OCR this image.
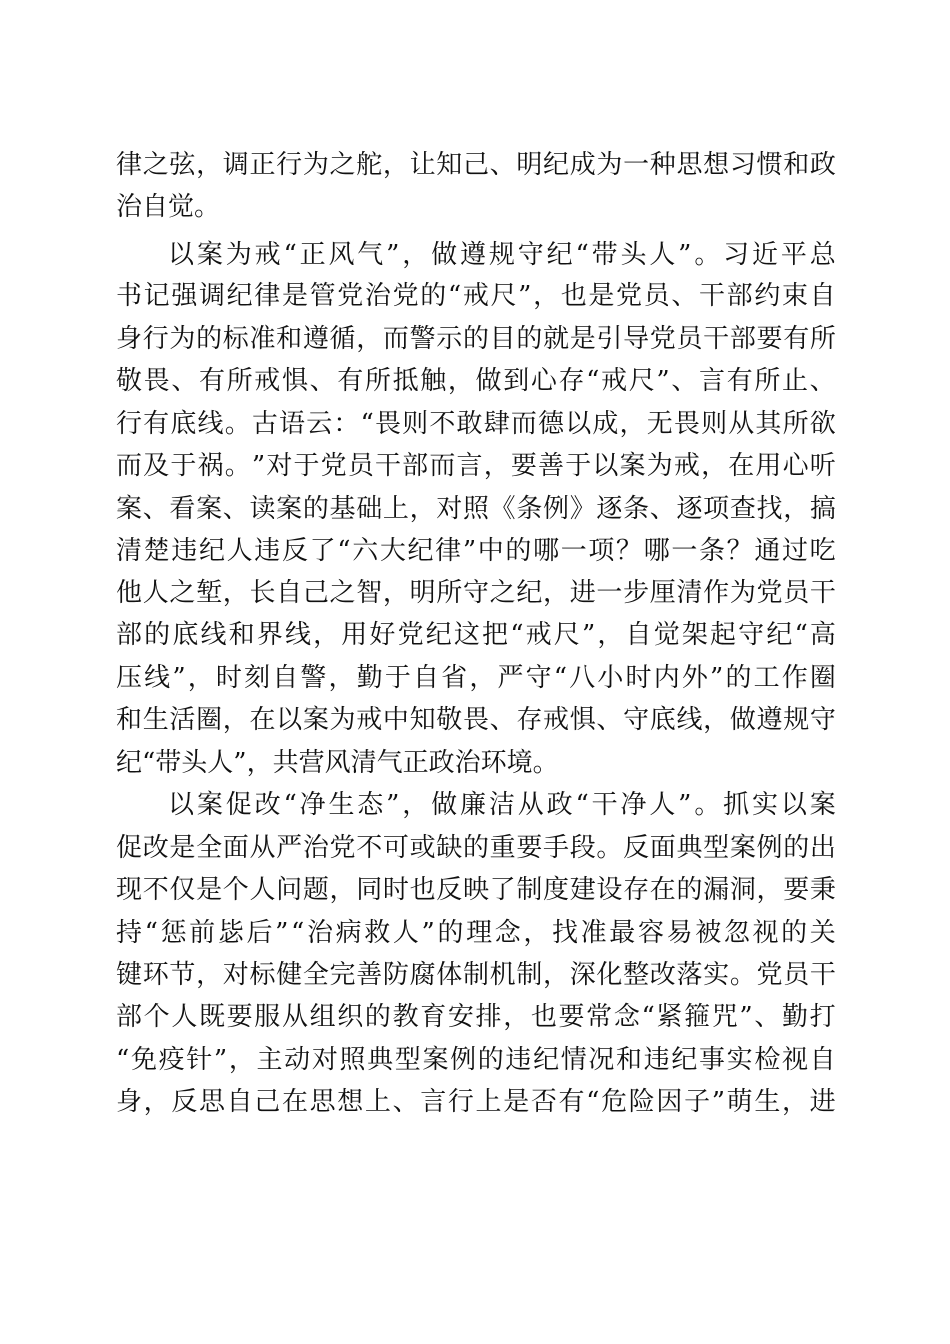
律 之 弦 ， 调 正 行 为 之 舵 ， 让 知 己 、 明 纪 成 为 一 种 思 想 习 惯 和 政
治自觉。
以 案 为 戒 “ 正 风 气 ” ， 做 遵 规 守 纪 “ 带 头 人 ” 。 习 近 平 总
书 记 强 调 纪 律 是 管 党 治 党 的 “ 戒 尺 ” ， 也 是 党 员 、 干 部 约 束 自
身 行 为 的 标 准 和 遵 循 ， 而 警 示 的 目 的 就 是 引 导 党 员 干 部 要 有 所
敬 畏 、 有 所 戒 惧 、 有 所 抵 触 ， 做 到 心 存 “ 戒 尺 ” 、 言 有 所 止 、
行 有 底 线 。 古 语 云 ： “ 畏 则 不 敢 肆 而 德 以 成 ， 无 畏 则 从 其 所 欲
而 及 于 祸 。 ” 对 于 党 员 干 部 而 言 ， 要 善 于 以 案 为 戒 ， 在 用 心 听
案 、 看 案 、 读 案 的 基 础 上 ， 对 照 《 条 例 》 逐 条 、 逐 项 查 找 ， 搞
清 楚 违 纪 人 违 反 了 “ 六 大 纪 律 ” 中 的 哪 一 项 ？ 哪 一 条 ？ 通 过 吃
他 人 之 堑 ， 长 自 己 之 智 ， 明 所 守 之 纪 ， 进 一 步 厘 清 作 为 党 员 干
部 的 底 线 和 界 线 ， 用 好 党 纪 这 把 “ 戒 尺 ” ， 自 觉 架 起 守 纪 “ 高
压 线 ” ， 时 刻 自 警 ， 勤 于 自 省 ， 严 守 “ 八 小 时 内 外 ” 的 工 作 圈
和 生 活 圈 ， 在 以 案 为 戒 中 知 敬 畏 、 存 戒 惧 、 守 底 线 ， 做 遵 规 守
纪“带头人”，共营风清气正政治环境。
以 案 促 改 “ 净 生 态 ” ， 做 廉 洁 从 政 “ 干 净 人 ” 。 抓 实 以 案
促 改 是 全 面 从 严 治 党 不 可 或 缺 的 重 要 手 段 。 反 面 典 型 案 例 的 出
现 不 仅 是 个 人 问 题 ， 同 时 也 反 映 了 制 度 建 设 存 在 的 漏 洞 ， 要 秉
持 “ 惩 前 毖 后 ” “ 治 病 救 人 ” 的 理 念 ， 找 准 最 容 易 被 忽 视 的 关
键 环 节 ， 对 标 健 全 完 善 防 腐 体 制 机 制 ， 深 化 整 改 落 实 。 党 员 干
部 个 人 既 要 服 从 组 织 的 教 育 安 排 ， 也 要 常 念 “ 紧 箍 咒 ” 、 勤 打
“ 免 疫 针 ” ， 主 动 对 照 典 型 案 例 的 违 纪 情 况 和 违 纪 事 实 检 视 自
身 ， 反 思 自 己 在 思 想 上 、 言 行 上 是 否 有 “ 危 险 因 子 ” 萌 生 ， 进
